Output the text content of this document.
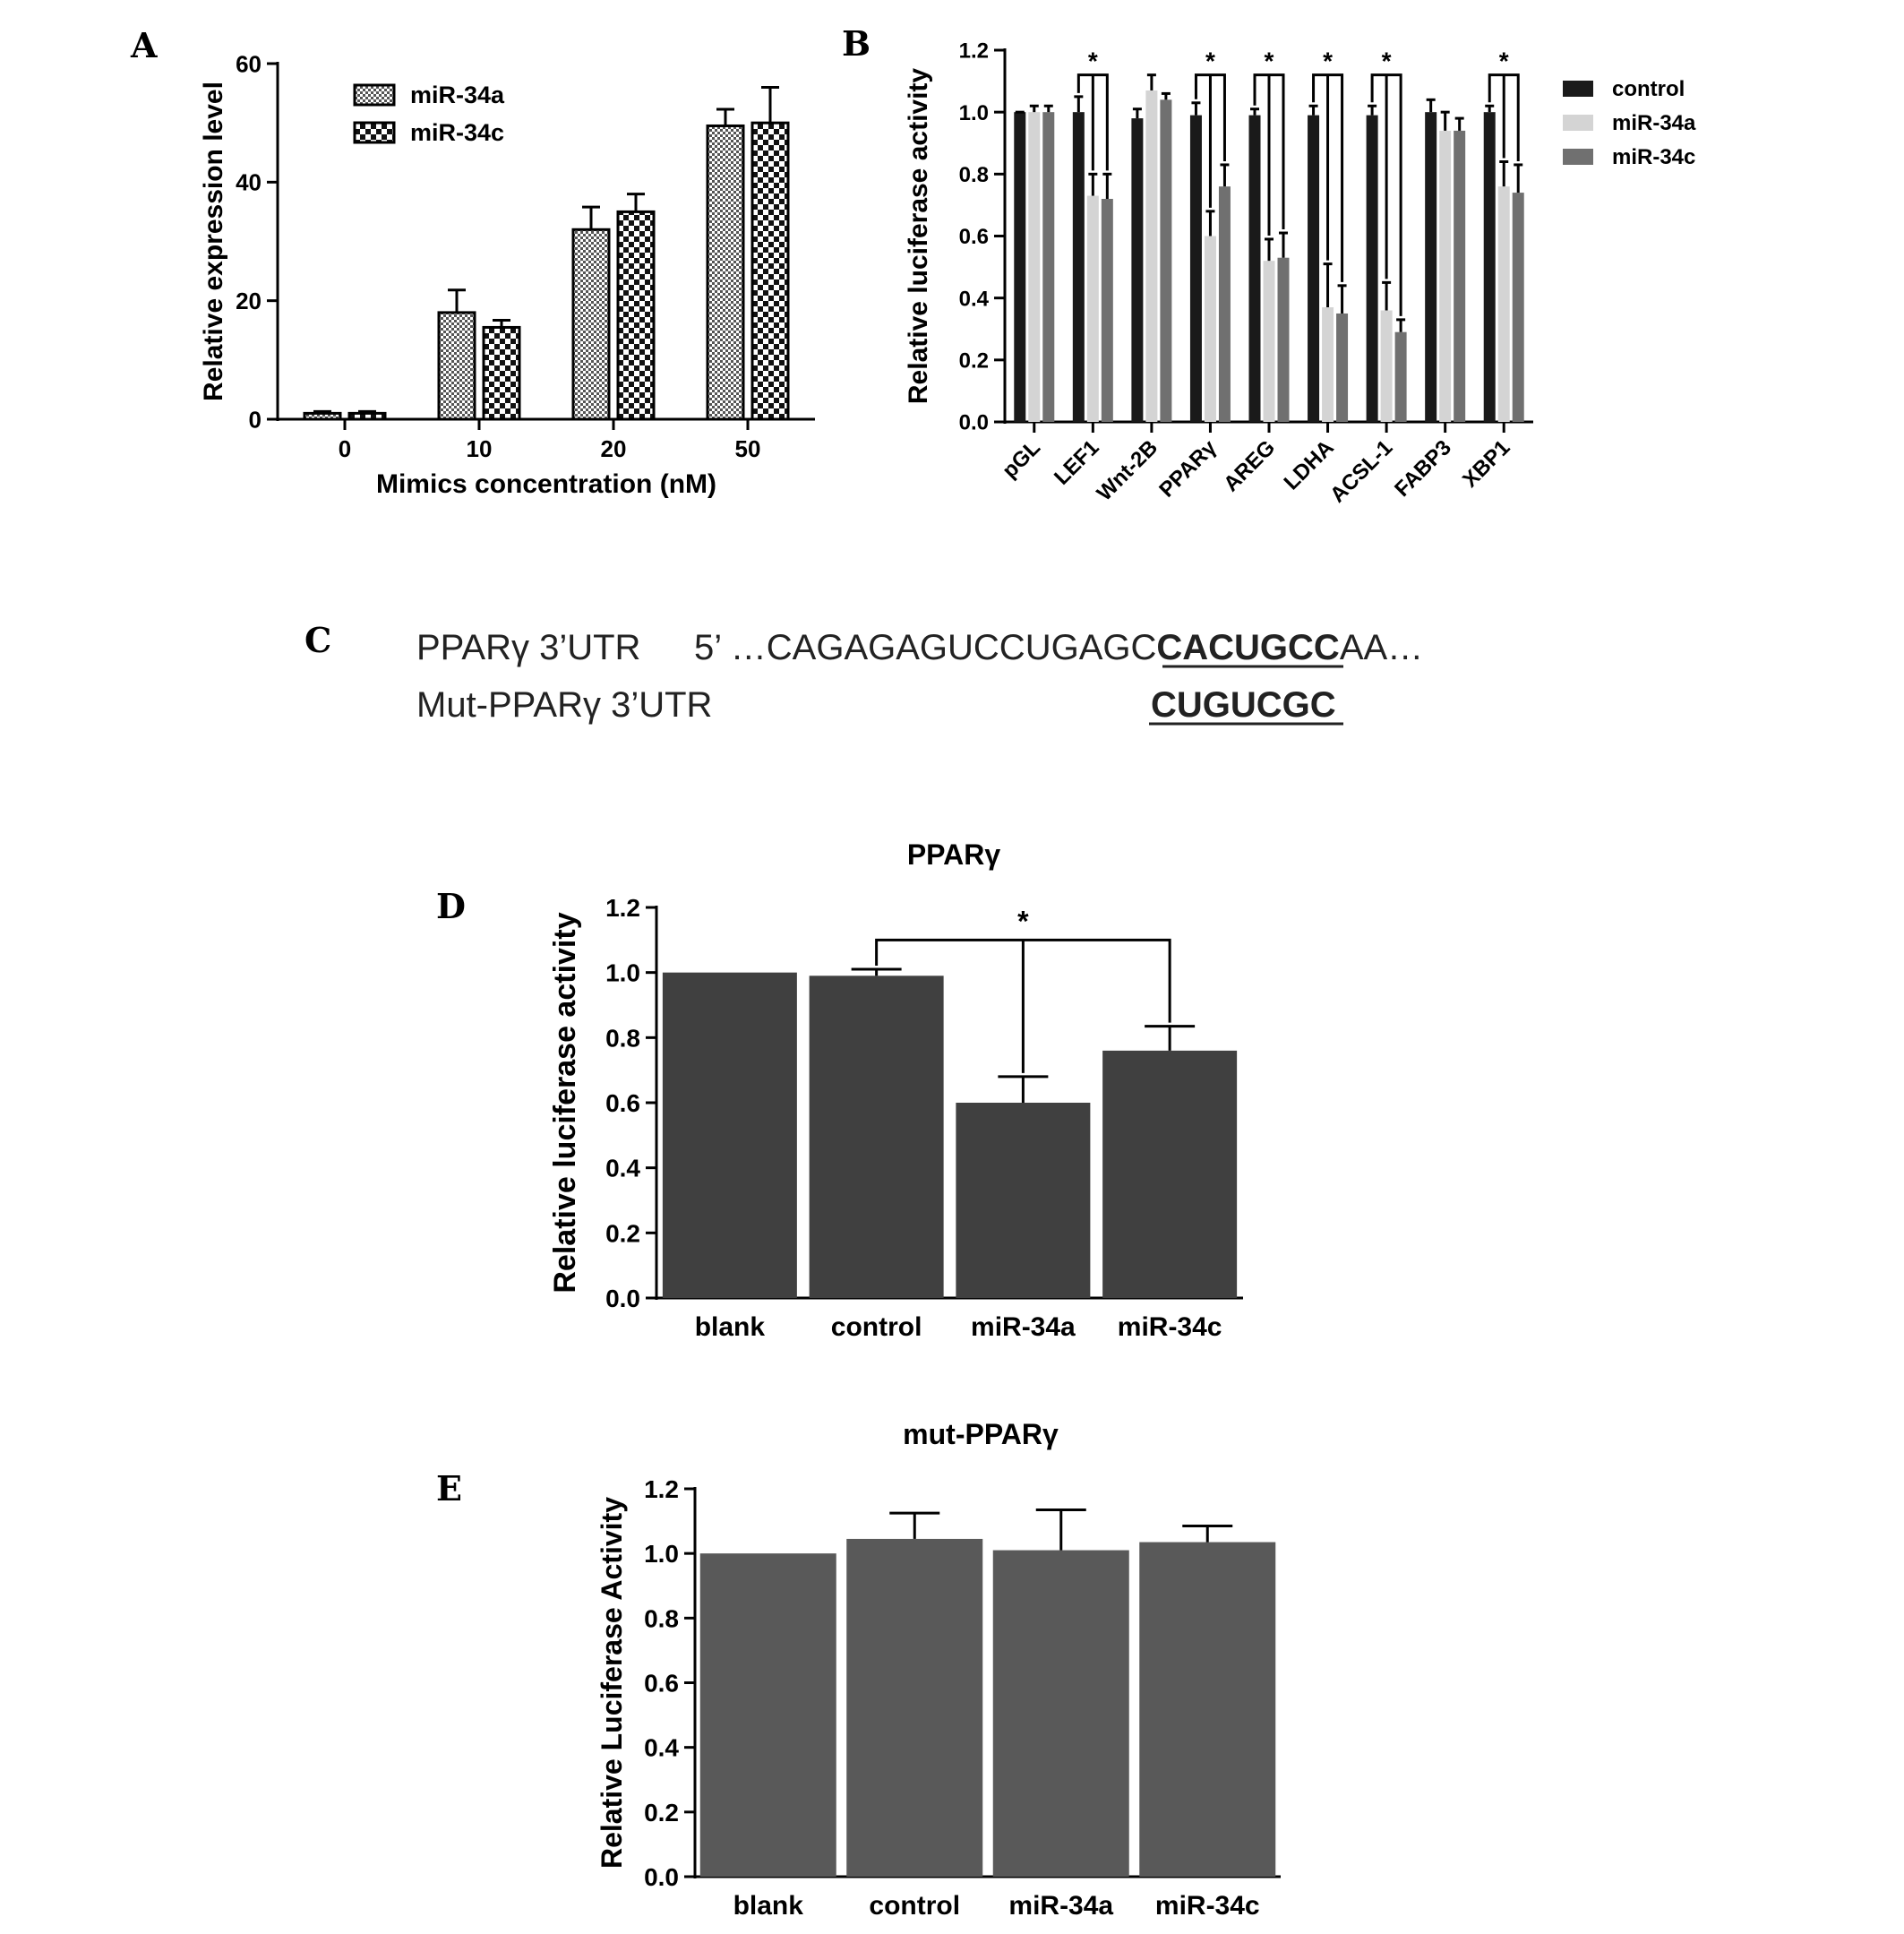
A	B
C
D
E
0
20
40
60
Relative expression level
0	10	20	50
Mimics concentration (nM)
miR-34a
miR-34c
0.0
0.2
0.4
0.6
0.8
1.0
1.2
Relative luciferase activity
pGL LEF1
Wnt-2B
PPARγ
AREG LDHA
ACSL-1
FABP3 XBP1
*	* * * *	*
control
miR-34a
miR-34c
0.0
0.2
0.4
0.6
0.8
1.0
1.2
Relative luciferase activity
blank control miR-34a miR-34c
PPARγ
*
0.0
0.2
0.4
0.6
0.8
1.0
1.2
Relative Luciferase Activity
blank control miR-34a miR-34c
mut-PPARγ
PPARγ 3’UTR 5’ …CAGAGAGUCCUGAGCCACUGCCAA…
Mut-PPARγ 3’UTR	CUGUCGC
